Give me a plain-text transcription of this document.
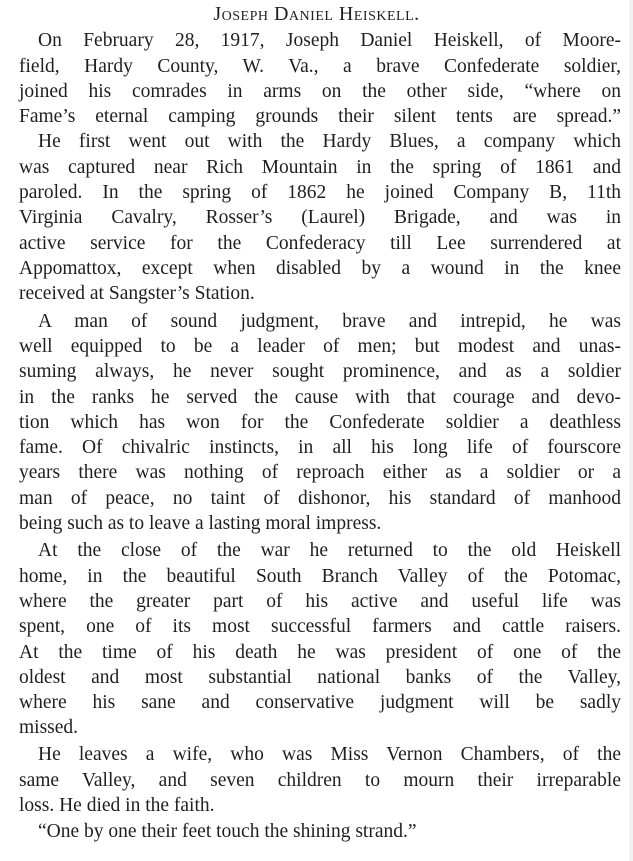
Joseph Daniel Heiskell.
On February 28, 1917, Joseph Daniel Heiskell, of Moore-
field, Hardy County, W. Va., a brave Confederate soldier,
joined his comrades in arms on the other side, “where on
Fame’s eternal camping grounds their silent tents are spread.”
He first went out with the Hardy Blues, a company which
was captured near Rich Mountain in the spring of 1861 and
paroled. In the spring of 1862 he joined Company B, 11th
Virginia Cavalry, Rosser’s (Laurel) Brigade, and was in
active service for the Confederacy till Lee surrendered at
Appomattox, except when disabled by a wound in the knee
received at Sangster’s Station.
A man of sound judgment, brave and intrepid, he was
well equipped to be a leader of men; but modest and unas-
suming always, he never sought prominence, and as a soldier
in the ranks he served the cause with that courage and devo-
tion which has won for the Confederate soldier a deathless
fame. Of chivalric instincts, in all his long life of fourscore
years there was nothing of reproach either as a soldier or a
man of peace, no taint of dishonor, his standard of manhood
being such as to leave a lasting moral impress.
At the close of the war he returned to the old Heiskell
home, in the beautiful South Branch Valley of the Potomac,
where the greater part of his active and useful life was
spent, one of its most successful farmers and cattle raisers.
At the time of his death he was president of one of the
oldest and most substantial national banks of the Valley,
where his sane and conservative judgment will be sadly
missed.
He leaves a wife, who was Miss Vernon Chambers, of the
same Valley, and seven children to mourn their irreparable
loss. He died in the faith.
“One by one their feet touch the shining strand.”
